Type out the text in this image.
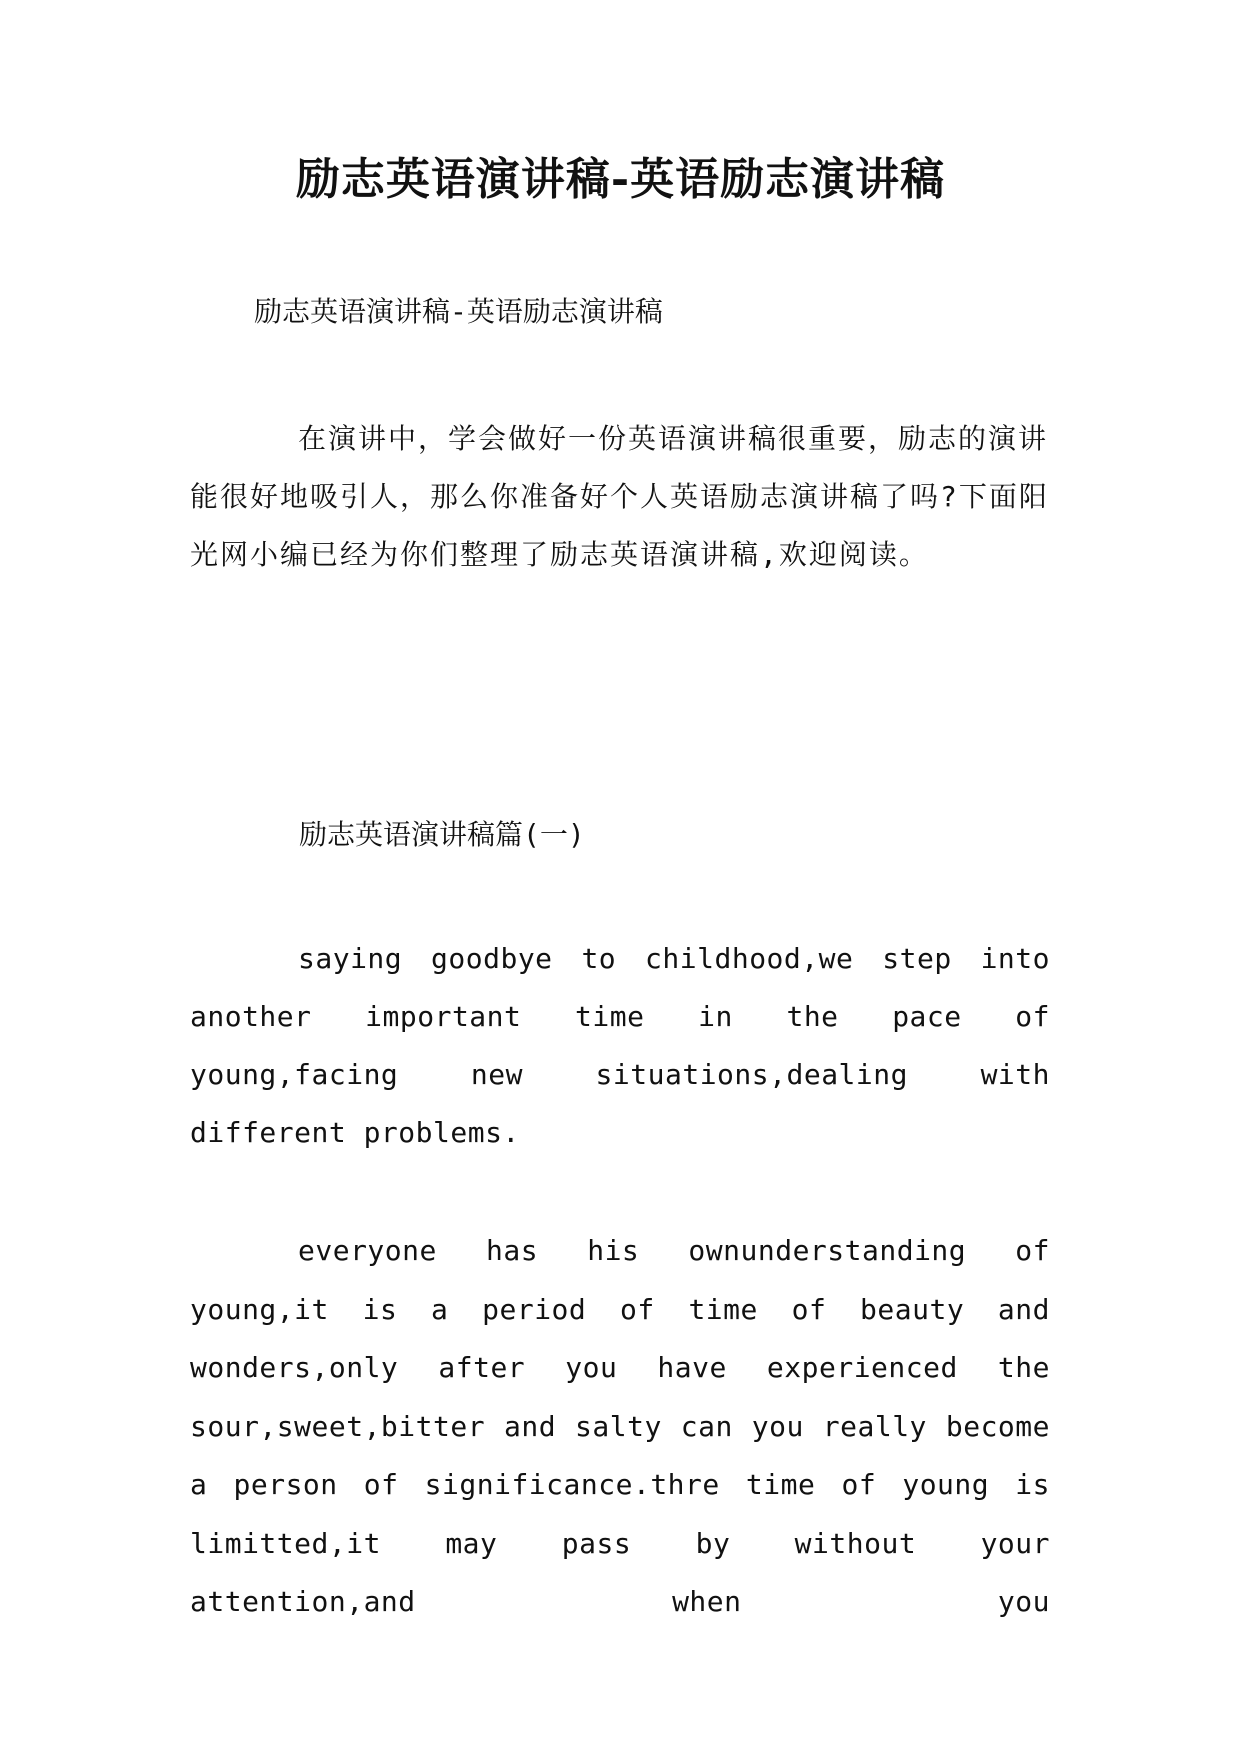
励志英语演讲稿-英语励志演讲稿

励志英语演讲稿-英语励志演讲稿

在演讲中，学会做好一份英语演讲稿很重要，励志的演讲能很好地吸引人，那么你准备好个人英语励志演讲稿了吗?下面阳光网小编已经为你们整理了励志英语演讲稿,欢迎阅读。

励志英语演讲稿篇(一)

saying goodbye to childhood,we step into another important time in the pace of young,facing new situations,dealing with different problems.

everyone has his ownunderstanding of young,it is a period of time of beauty and wonders,only after you have experienced the sour,sweet,bitter and salty can you really become a person of significance.thre time of young is limitted,it may pass by without your attention,and when you
